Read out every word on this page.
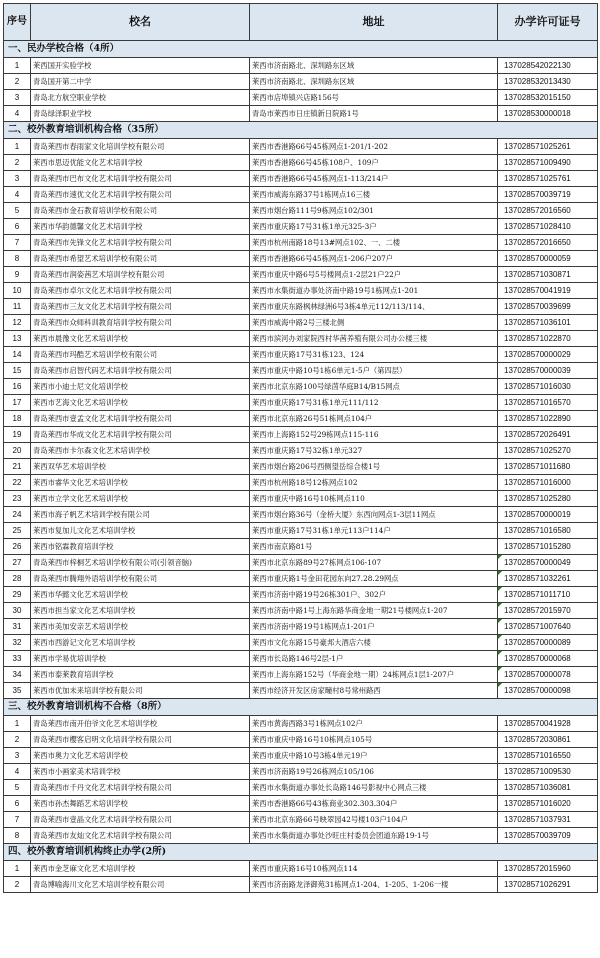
序号	校名	地址	办学许可证号
一、民办学校合格（4所）			
1	莱西国开实验学校	莱西市济南路北、深圳路东区域	137028542022130
2	青岛国开第二中学	莱西市济南路北、深圳路东区域	137028532013430
3	青岛北方航空职业学校	莱西市店埠镇兴店路156号	137028532015150
4	青岛绿泽职业学校	青岛市莱西市日庄镇新日院路1号	137028530000018
二、校外教育培训机构合格（35所）			
1	青岛莱西市春雨家文化培训学校有限公司	莱西市香港路66号45栋网点1-201/1-202	137028571025261
2	莱西市思迈优能文化艺术培训学校	莱西市香港路66号45栋108户、109户	137028571009490
3	青岛莱西市巴布文化艺术培训学校有限公司	莱西市香港路66号45栋网点1-113/214户	137028571025761
4	青岛莱西市速优文化艺术培训学校有限公司	莱西市威海东路37号1栋网点16三楼	137028570039719
5	青岛莱西市金石教育培训学校有限公司	莱西市烟台路111号9栋网点102/301	137028572016560
6	莱西市华韵德馨文化艺术培训学校	莱西市重庆路17号31栋1单元325-3户	137028571028410
7	青岛莱西市先锋文化艺术培训学校有限公司	莱西市杭州南路18号13#网点102、一、二楼	137028572016650
8	青岛莱西市希望艺术培训学校有限公司	莱西市香港路66号45栋网点1-206户207户	137028570000059
9	青岛莱西市润姿茜艺术培训学校有限公司	莱西市重庆中路6号5号楼网点1-2层21户22户	137028571030871
10	青岛莱西市卓尔文化艺术培训学校有限公司	莱西市水集街道办事处济南中路19号1栋网点1-201	137028570041919
11	青岛莱西市三友文化艺术培训学校有限公司	莱西市重庆东路枫林绿洲6号3栋4单元112/113/114、	137028570039699
12	青岛莱西市众师科训教育培训学校有限公司	莱西市威海中路2号三楼北侧	137028571036101
13	莱西市晨豫文化艺术培训学校	莱西市滨河办刘家院西村华茜养殖有限公司办公楼三楼	137028571022870
14	青岛莱西市玛酷艺术培训学校有限公司	莱西市重庆路17号31栋123、124	137028570000029
15	青岛莱西市启智代码艺术培训学校有限公司	莱西市重庆中路10号1栋6单元1-5户（第四层）	137028570000039
16	莱西市小迪士尼文化培训学校	莱西市北京东路100号绿茵华庭B14/B15网点	137028571016030
17	莱西市艺海文化艺术培训学校	莱西市重庆路17号31栋1单元111/112	137028571016570
18	青岛莱西市壹孟文化艺术培训学校有限公司	莱西市北京东路26号51栋网点104户	137028571022890
19	青岛莱西市华成文化艺术培训学校有限公司	莱西市上海路152号29栋网点115-116	137028572026491
20	青岛莱西市卡尔森文化艺术培训学校	莱西市重庆路17号32栋1单元327	137028571025270
21	莱西双华艺术培训学校	莱西市烟台路206号西侧望岳综合楼1号	137028571011680
22	莱西市睿华文化艺术培训学校	莱西市杭州路18号12栋网点102	137028571016000
23	莱西市立学文化艺术培训学校	莱西市重庆中路16号10栋网点110	137028571025280
24	莱西市海子帆艺术培训学校有限公司	莱西市烟台路36号（金桥大厦）东西向网点1-3层11网点	137028570000019
25	莱西市复加儿文化艺术培训学校	莱西市重庆路17号31栋1单元113户114户	137028571016580
26	莱西市铭霖教育培训学校	莱西市南京路81号	137028571015280
27	青岛莱西市梓桐艺术培训学校有限公司(引领音脑)	莱西市北京东路89号27栋网点106-107	137028570000049
28	青岛莱西市腾翔外语培训学校有限公司	莱西市重庆路1号金田花园东向27.28.29网点	137028571032261
29	莱西市华懿文化艺术培训学校	莱西市济南中路19号26栋301户、302户	137028571011710
30	莱西市担当家文化艺术培训学校	莱西市济南中路1号上海东路华商金地一期21号楼网点1-207	137028572015970
31	莱西市美加安亲艺术培训学校	莱西市济南中路19号1栋网点1-201户	137028571007640
32	莱西市西游记文化艺术培训学校	莱西市文化东路15号豪邦大酒店六楼	137028570000089
33	莱西市学易优培训学校	莱西市长岛路146号2层-1户	137028570000068
34	莱西市泰莱教育培训学校	莱西市上海东路152号（华商金地一期）24栋网点1层1-207户	137028570000078
35	莱西市优加未来培训学校有限公司	莱西市经济开发区房家疃村8号常州路西	137028570000098
三、校外教育培训机构不合格（8所）			
1	青岛莱西市南开伯爷文化艺术培训学校	莱西市黄海西路3号1栋网点102户	137028570041928
2	青岛莱西市樱客启明文化培训学校有限公司	莱西市重庆中路16号10栋网点105号	137028572030861
3	莱西市奥力文化艺术培训学校	莱西市重庆中路10号3栋4单元19户	137028571016550
4	莱西市小画家美术培训学校	莱西市济南路19号26栋网点105/106	137028571009530
5	青岛莱西市千丹文化艺术培训学校有限公司	莱西市水集街道办事处长岛路146号影视中心网点三楼	137028571036081
6	莱西市孙杰舞蹈艺术培训学校	莱西市香港路66号43栋商业302.303.304户	137028571016020
7	青岛莱西市壹晶文化艺术培训学校有限公司	莱西市北京东路66号映翠园42号楼103户104户	137028571037931
8	青岛莱西市友灿文化艺术培训学校有限公司	莱西市水集街道办事处沙旺庄村委员会团道东路19-1号	137028570039709
四、校外教育培训机构终止办学(2所)			
1	莱西市金芝麻文化艺术培训学校	莱西市重庆路16号10栋网点114	137028572015960
2	青岛博喻海川文化艺术培训学校有限公司	莱西市济南路龙泽御苑31栋网点1-204、1-205、1-206一楼	137028571026291
